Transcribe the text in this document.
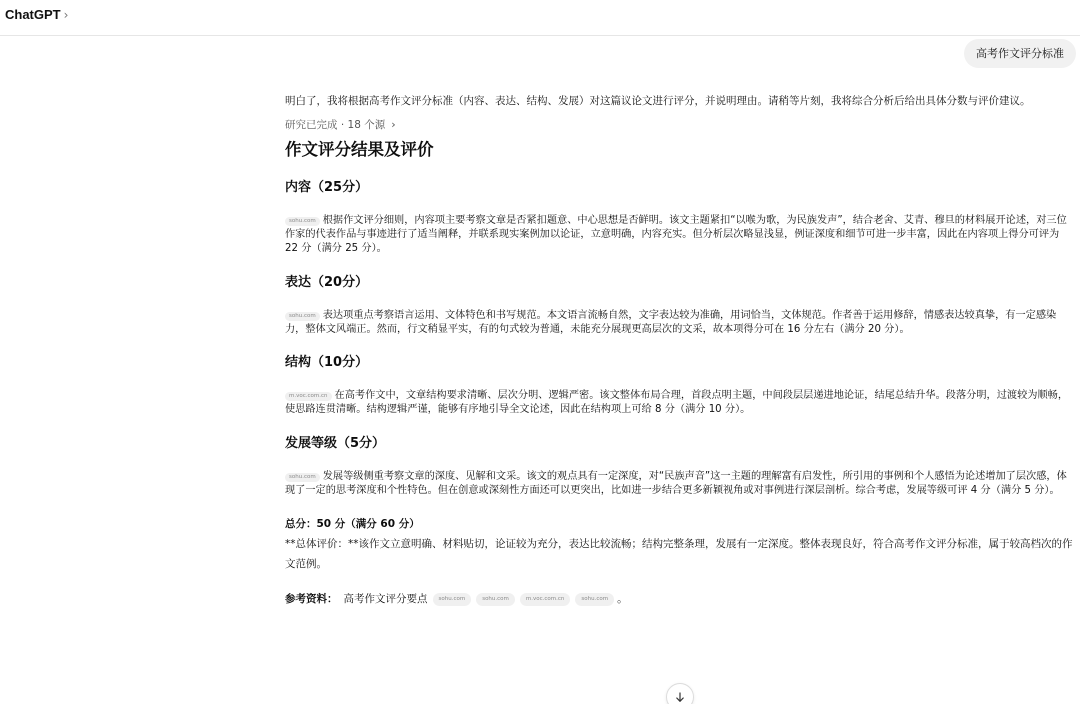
ChatGPT ›
高考作文评分标准

明白了，我将根据高考作文评分标准（内容、表达、结构、发展）对这篇议论文进行评分，并说明理由。请稍等片刻，我将综合分析后给出具体分数与评价建议。

研究已完成 · 18 个源 ›
作文评分结果及评价
内容（25分）

sohu.com 根据作文评分细则，内容项主要考察文章是否紧扣题意、中心思想是否鲜明。该文主题紧扣“以喉为歌，为民族发声”，结合老舍、艾青、穆旦的材料展开论述，对三位作家的代表作品与事迹进行了适当阐释，并联系现实案例加以论证，立意明确，内容充实。但分析层次略显浅显，例证深度和细节可进一步丰富，因此在内容项上得分可评为 22 分（满分 25 分）。

表达（20分）

sohu.com 表达项重点考察语言运用、文体特色和书写规范。本文语言流畅自然，文字表达较为准确，用词恰当，文体规范。作者善于运用修辞，情感表达较真挚，有一定感染力，整体文风端正。然而，行文稍显平实，有的句式较为普通，未能充分展现更高层次的文采，故本项得分可在 16 分左右（满分 20 分）。

结构（10分）

m.voc.com.cn 在高考作文中，文章结构要求清晰、层次分明、逻辑严密。该文整体布局合理，首段点明主题，中间段层层递进地论证，结尾总结升华。段落分明，过渡较为顺畅，使思路连贯清晰。结构逻辑严谨，能够有序地引导全文论述，因此在结构项上可给 8 分（满分 10 分）。

发展等级（5分）

sohu.com 发展等级侧重考察文章的深度、见解和文采。该文的观点具有一定深度，对“民族声音”这一主题的理解富有启发性，所引用的事例和个人感悟为论述增加了层次感，体现了一定的思考深度和个性特色。但在创意或深刻性方面还可以更突出，比如进一步结合更多新颖视角或对事例进行深层剖析。综合考虑，发展等级可评 4 分（满分 5 分）。

总分：50 分（满分 60 分）

**总体评价：**该作文立意明确、材料贴切，论证较为充分，表达比较流畅；结构完整条理，发展有一定深度。整体表现良好，符合高考作文评分标准，属于较高档次的作文范例。

参考资料： 高考作文评分要点	sohu.com	sohu.com	m.voc.com.cn	sohu.com 。
